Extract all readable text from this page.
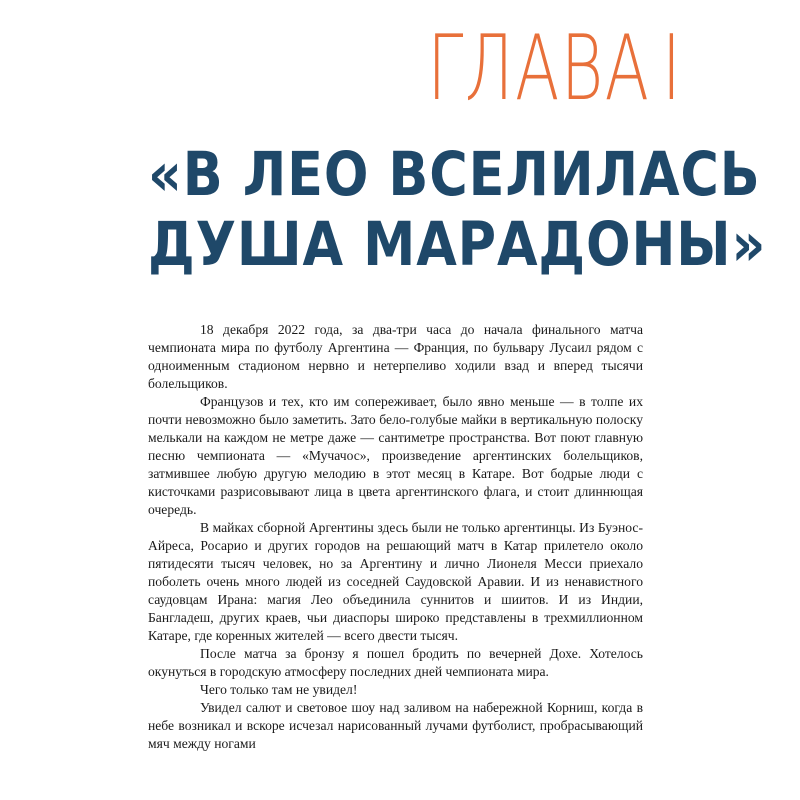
ГЛАВА I
«В ЛЕО ВСЕЛИЛАСЬ
ДУША МАРАДОНЫ»

18 декабря 2022 года, за два-три часа до начала финального матча чемпионата мира по футболу Аргентина — Франция, по бульвару Лусаил рядом с одноименным стадионом нервно и нетерпеливо ходили взад и вперед тысячи болельщиков.

Французов и тех, кто им сопереживает, было явно меньше — в толпе их почти невозможно было заметить. Зато бело-голубые майки в вертикальную полоску мелькали на каждом не метре даже — сантиметре пространства. Вот поют главную песню чемпионата — «Мучачос», произведение аргентинских болельщиков, затмившее любую другую мелодию в этот месяц в Катаре. Вот бодрые люди с кисточками разрисовывают лица в цвета аргентинского флага, и стоит длиннющая очередь.

В майках сборной Аргентины здесь были не только аргентинцы. Из Буэнос-Айреса, Росарио и других городов на решающий матч в Катар прилетело около пятидесяти тысяч человек, но за Аргентину и лично Лионеля Месси приехало поболеть очень много людей из соседней Саудовской Аравии. И из ненавистного саудовцам Ирана: магия Лео объединила суннитов и шиитов. И из Индии, Бангладеш, других краев, чьи диаспоры широко представлены в трехмиллионном Катаре, где коренных жителей — всего двести тысяч.

После матча за бронзу я пошел бродить по вечерней Дохе. Хотелось окунуться в городскую атмосферу последних дней чемпионата мира.

Чего только там не увидел!

Увидел салют и световое шоу над заливом на набережной Корниш, когда в небе возникал и вскоре исчезал нарисованный лучами футболист, пробрасывающий мяч между ногами
